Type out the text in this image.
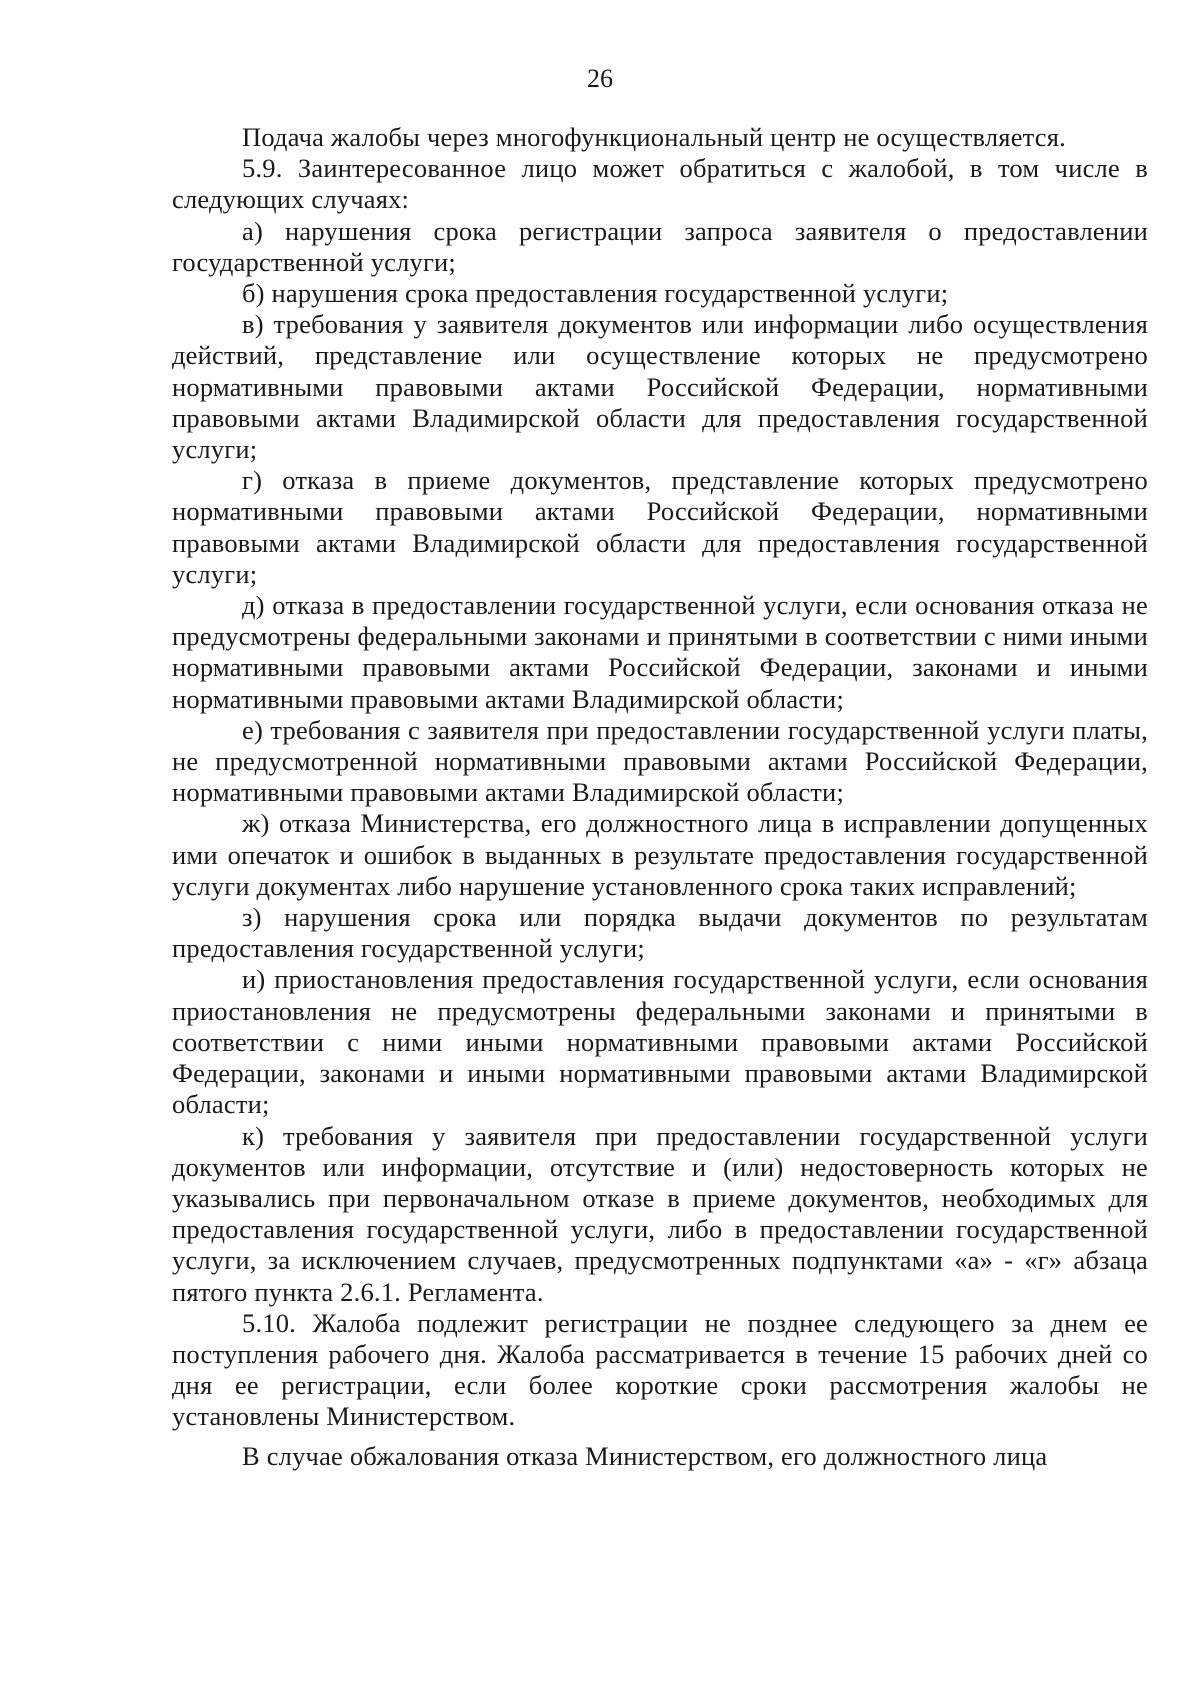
26

Подача жалобы через многофункциональный центр не осуществляется.

5.9. Заинтересованное лицо может обратиться с жалобой, в том числе в следующих случаях:

а) нарушения срока регистрации запроса заявителя о предоставлении государственной услуги;

б) нарушения срока предоставления государственной услуги;

в) требования у заявителя документов или информации либо осуществления действий, представление или осуществление которых не предусмотрено нормативными правовыми актами Российской Федерации, нормативными правовыми актами Владимирской области для предоставления государственной услуги;

г) отказа в приеме документов, представление которых предусмотрено нормативными правовыми актами Российской Федерации, нормативными правовыми актами Владимирской области для предоставления государственной услуги;

д) отказа в предоставлении государственной услуги, если основания отказа не предусмотрены федеральными законами и принятыми в соответствии с ними иными нормативными правовыми актами Российской Федерации, законами и иными нормативными правовыми актами Владимирской области;

е) требования с заявителя при предоставлении государственной услуги платы, не предусмотренной нормативными правовыми актами Российской Федерации, нормативными правовыми актами Владимирской области;

ж) отказа Министерства, его должностного лица в исправлении допущенных ими опечаток и ошибок в выданных в результате предоставления государственной услуги документах либо нарушение установленного срока таких исправлений;

з) нарушения срока или порядка выдачи документов по результатам предоставления государственной услуги;

и) приостановления предоставления государственной услуги, если основания приостановления не предусмотрены федеральными законами и принятыми в соответствии с ними иными нормативными правовыми актами Российской Федерации, законами и иными нормативными правовыми актами Владимирской области;

к) требования у заявителя при предоставлении государственной услуги документов или информации, отсутствие и (или) недостоверность которых не указывались при первоначальном отказе в приеме документов, необходимых для предоставления государственной услуги, либо в предоставлении государственной услуги, за исключением случаев, предусмотренных подпунктами «а» - «г» абзаца пятого пункта 2.6.1. Регламента.

5.10. Жалоба подлежит регистрации не позднее следующего за днем ее поступления рабочего дня. Жалоба рассматривается в течение 15 рабочих дней со дня ее регистрации, если более короткие сроки рассмотрения жалобы не установлены Министерством.

В случае обжалования отказа Министерством, его должностного лица
